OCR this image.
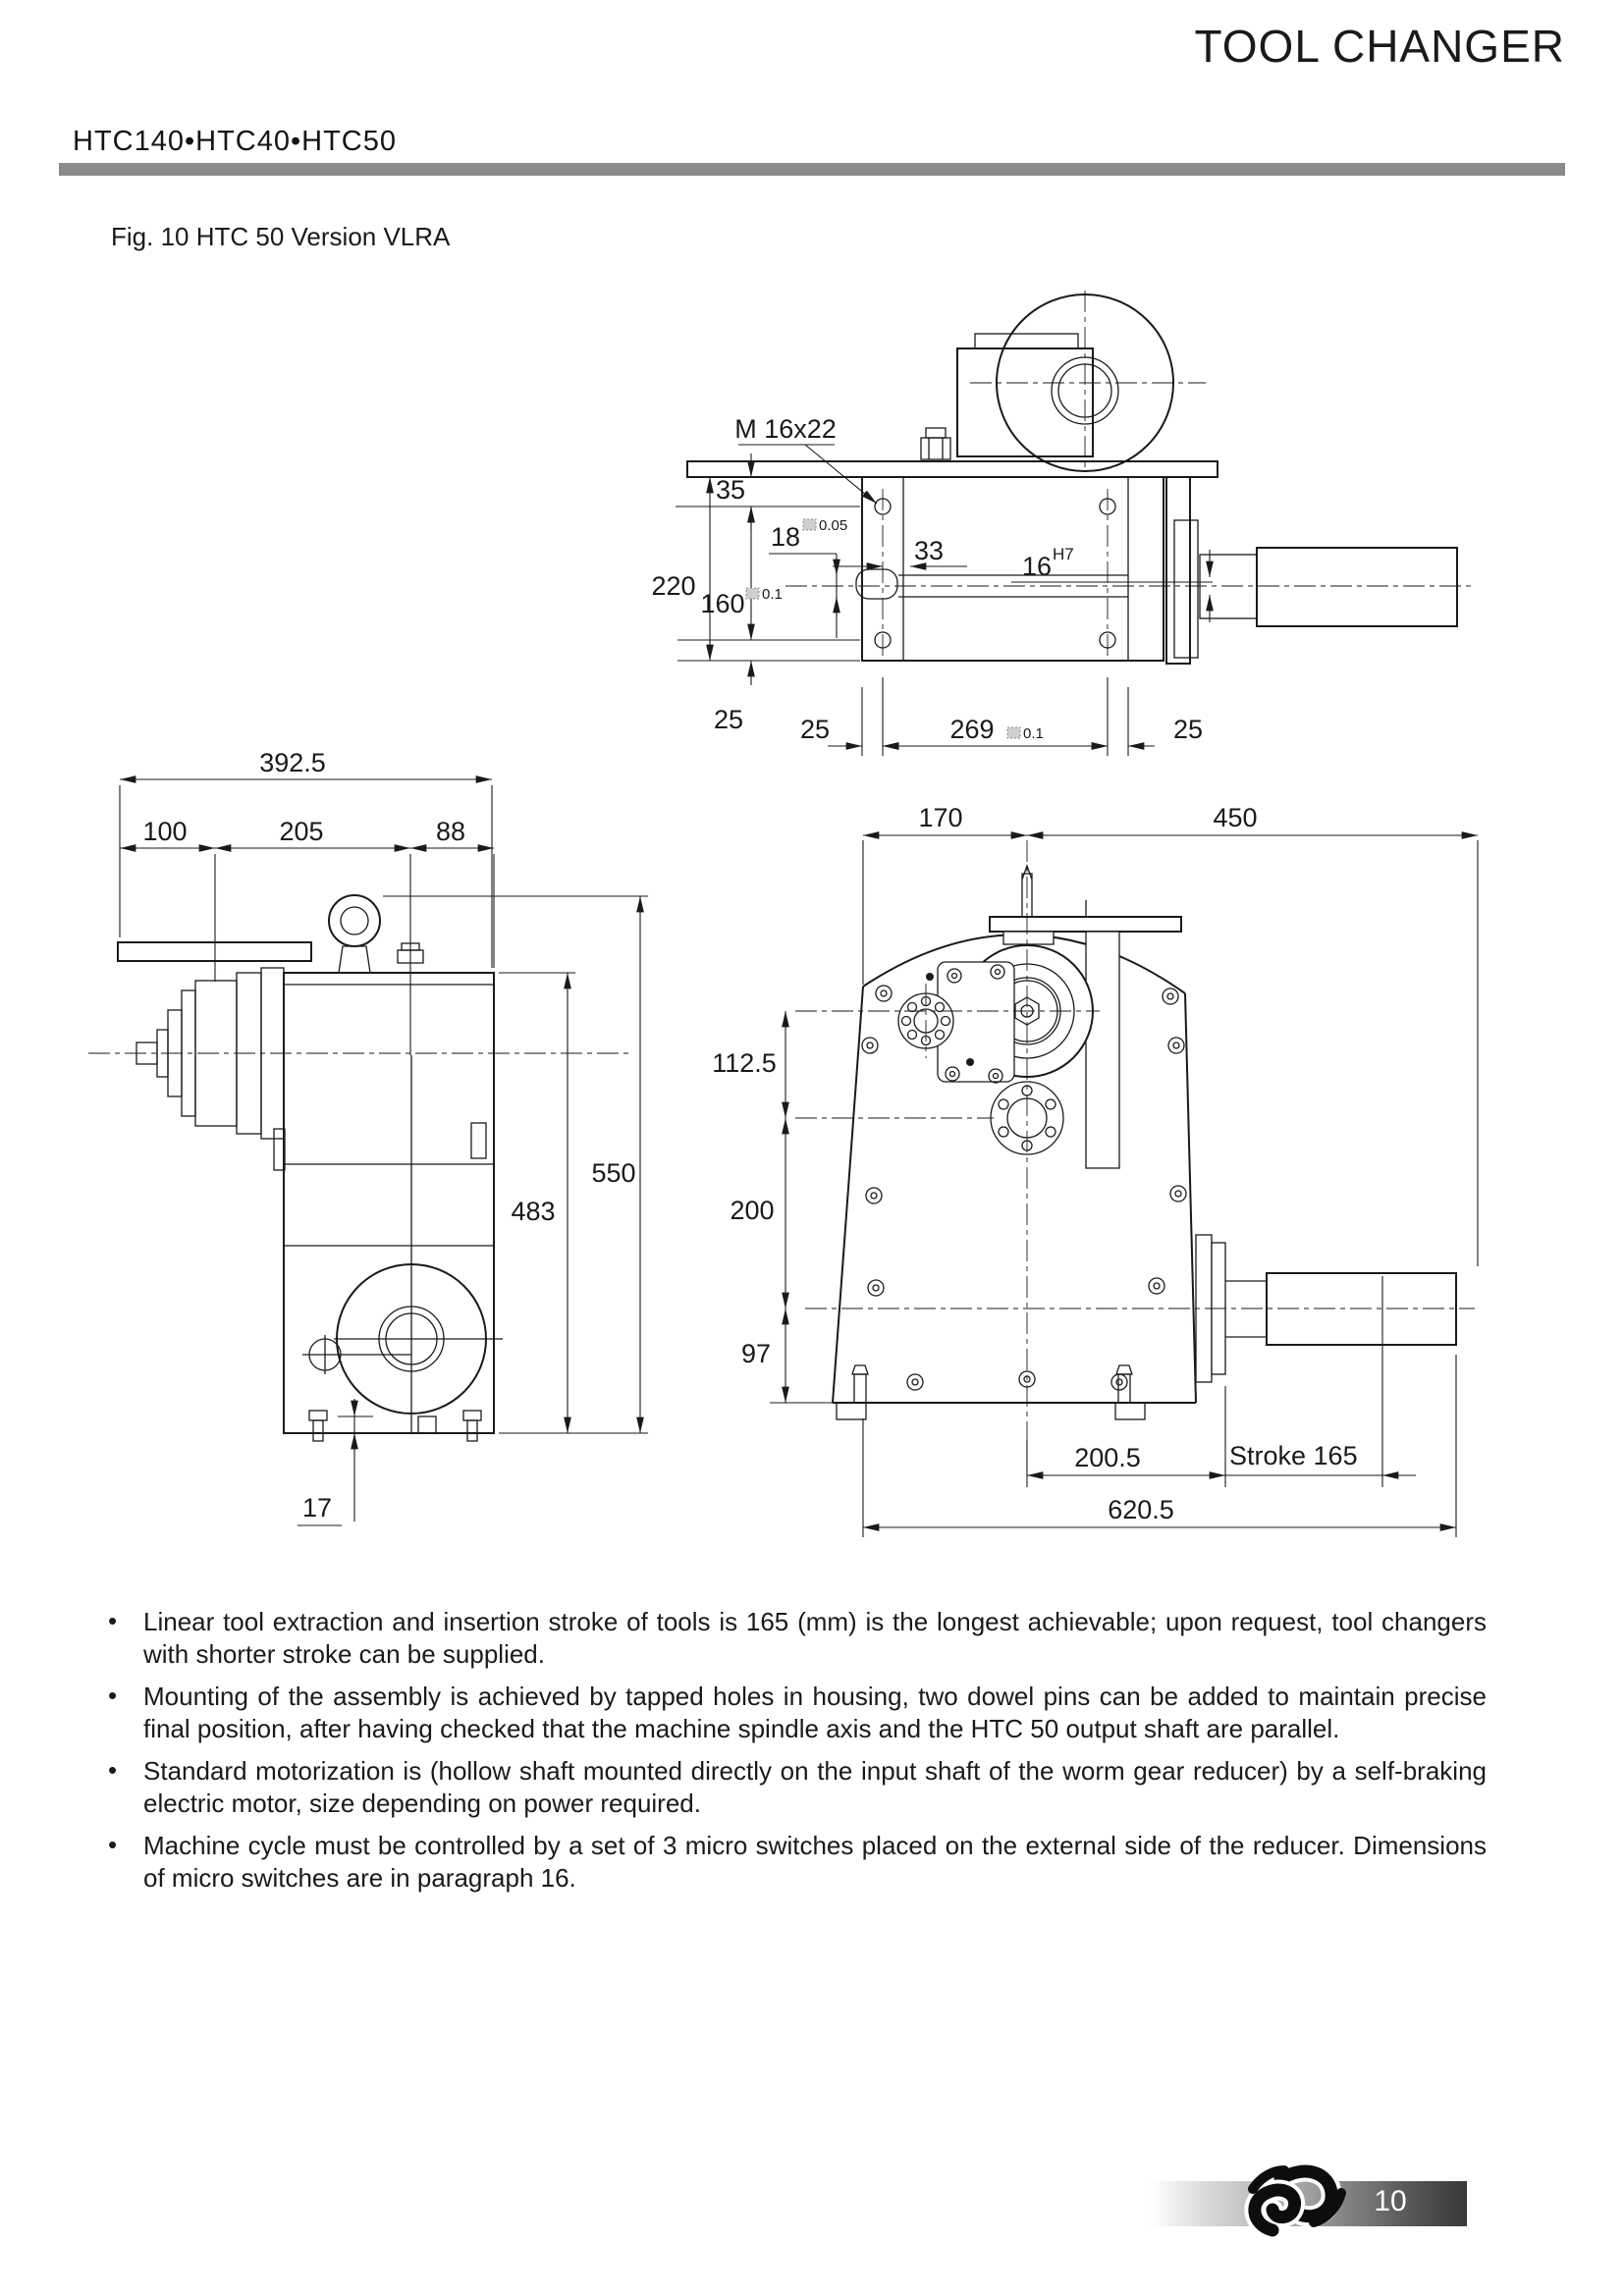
TOOL CHANGER
HTC140•HTC40•HTC50
Fig. 10 HTC 50 Version VLRA
220
35
160 0.1
25
18 0.05
33
16 H7
M 16x22
25	269 0.1	25
392.5
100	205	88
550
483
17
170	450
112.5
200
97
200.5	Stroke 165
620.5
•	Linear tool extraction and insertion stroke of tools is 165 (mm) is the longest achievable; upon request, tool changers with shorter stroke can be supplied.

•	Mounting of the assembly is achieved by tapped holes in housing, two dowel pins can be added to maintain precise final position, after having checked that the machine spindle axis and the HTC 50 output shaft are parallel.

•	Standard motorization is (hollow shaft mounted directly on the input shaft of the worm gear reducer) by a self-braking electric motor, size depending on power required.

•	Machine cycle must be controlled by a set of 3 micro switches placed on the external side of the reducer. Dimensions of micro switches are in paragraph 16.

10
